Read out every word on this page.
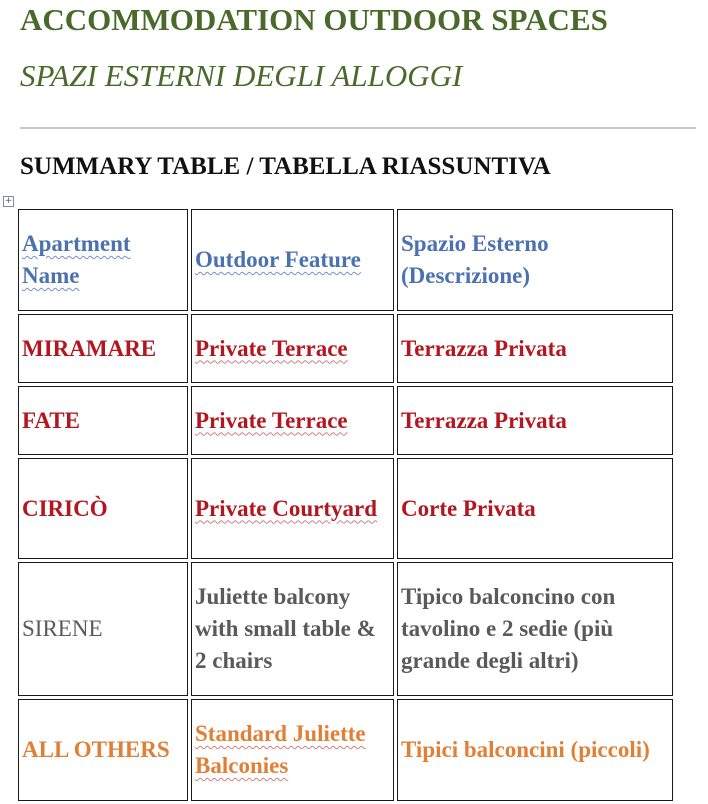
ACCOMMODATION OUTDOOR SPACES
SPAZI ESTERNI DEGLI ALLOGGI
SUMMARY TABLE / TABELLA RIASSUNTIVA
+
Apartment Name	Outdoor Feature	Spazio Esterno (Descrizione)
MIRAMARE	Private Terrace	Terrazza Privata
FATE	Private Terrace	Terrazza Privata
CIRICÒ	Private Courtyard	Corte Privata
SIRENE	Juliette balcony with small table & 2 chairs	Tipico balconcino con tavolino e 2 sedie (più grande degli altri)
ALL OTHERS	Standard Juliette Balconies	Tipici balconcini (piccoli)
